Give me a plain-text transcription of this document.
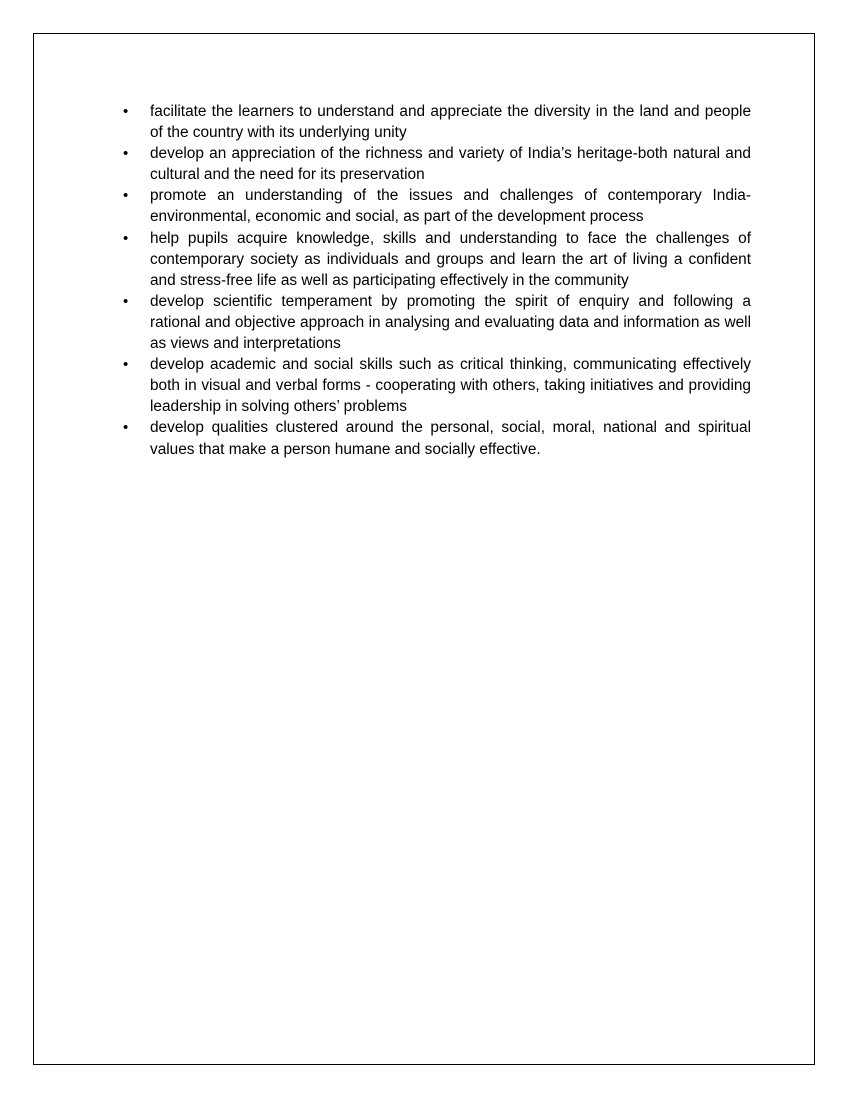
•	facilitate the learners to understand and appreciate the diversity in the land and people of the country with its underlying unity

•	develop an appreciation of the richness and variety of India’s heritage-both natural and cultural and the need for its preservation

•	promote an understanding of the issues and challenges of contemporary India- environmental, economic and social, as part of the development process

•	help pupils acquire knowledge, skills and understanding to face the challenges of contemporary society as individuals and groups and learn the art of living a confident and stress-free life as well as participating effectively in the community

•	develop scientific temperament by promoting the spirit of enquiry and following a rational and objective approach in analysing and evaluating data and information as well as views and interpretations

•	develop academic and social skills such as critical thinking, communicating effectively both in visual and verbal forms - cooperating with others, taking initiatives and providing leadership in solving others’ problems

•	develop qualities clustered around the personal, social, moral, national and spiritual values that make a person humane and socially effective.
